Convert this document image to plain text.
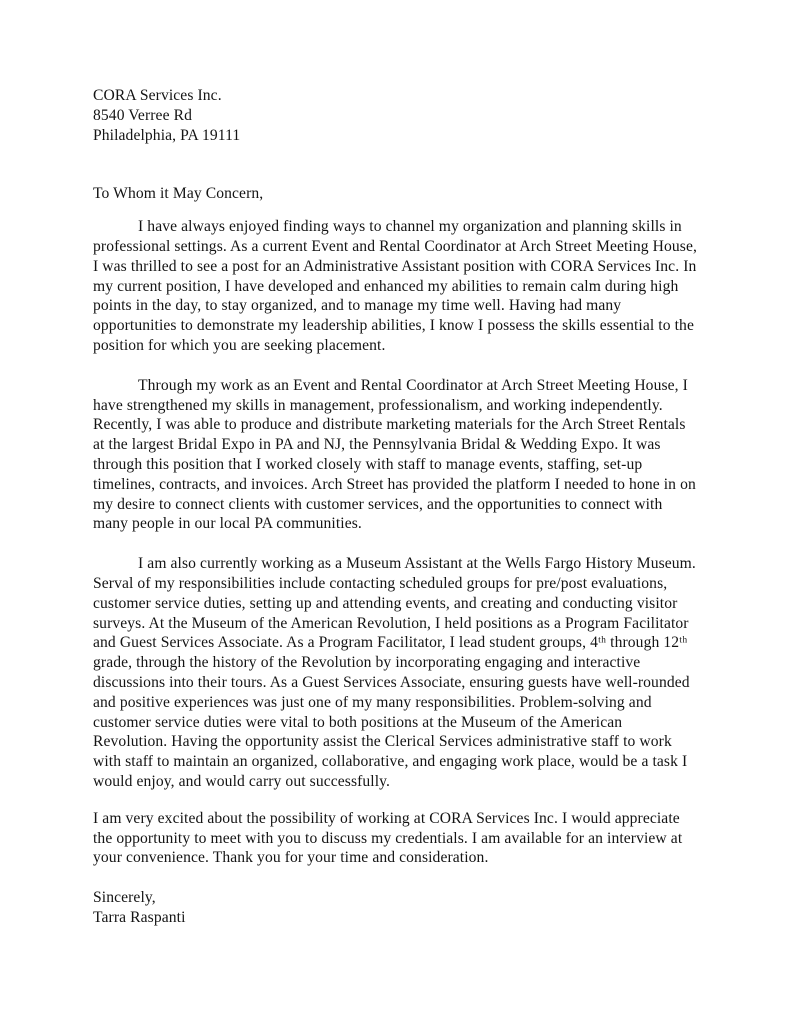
CORA Services Inc.
8540 Verree Rd
Philadelphia, PA 19111
To Whom it May Concern,

I have always enjoyed finding ways to channel my organization and planning skills in professional settings. As a current Event and Rental Coordinator at Arch Street Meeting House, I was thrilled to see a post for an Administrative Assistant position with CORA Services Inc. In my current position, I have developed and enhanced my abilities to remain calm during high points in the day, to stay organized, and to manage my time well. Having had many opportunities to demonstrate my leadership abilities, I know I possess the skills essential to the position for which you are seeking placement.

Through my work as an Event and Rental Coordinator at Arch Street Meeting House, I have strengthened my skills in management, professionalism, and working independently. Recently, I was able to produce and distribute marketing materials for the Arch Street Rentals at the largest Bridal Expo in PA and NJ, the Pennsylvania Bridal & Wedding Expo. It was through this position that I worked closely with staff to manage events, staffing, set-up timelines, contracts, and invoices. Arch Street has provided the platform I needed to hone in on my desire to connect clients with customer services, and the opportunities to connect with many people in our local PA communities.

I am also currently working as a Museum Assistant at the Wells Fargo History Museum. Serval of my responsibilities include contacting scheduled groups for pre/post evaluations, customer service duties, setting up and attending events, and creating and conducting visitor surveys. At the Museum of the American Revolution, I held positions as a Program Facilitator and Guest Services Associate. As a Program Facilitator, I lead student groups, 4ᵗʰ through 12ᵗʰ grade, through the history of the Revolution by incorporating engaging and interactive discussions into their tours. As a Guest Services Associate, ensuring guests have well-rounded and positive experiences was just one of my many responsibilities. Problem-solving and customer service duties were vital to both positions at the Museum of the American Revolution. Having the opportunity assist the Clerical Services administrative staff to work with staff to maintain an organized, collaborative, and engaging work place, would be a task I would enjoy, and would carry out successfully.

I am very excited about the possibility of working at CORA Services Inc. I would appreciate the opportunity to meet with you to discuss my credentials. I am available for an interview at your convenience. Thank you for your time and consideration.

Sincerely,
Tarra Raspanti
